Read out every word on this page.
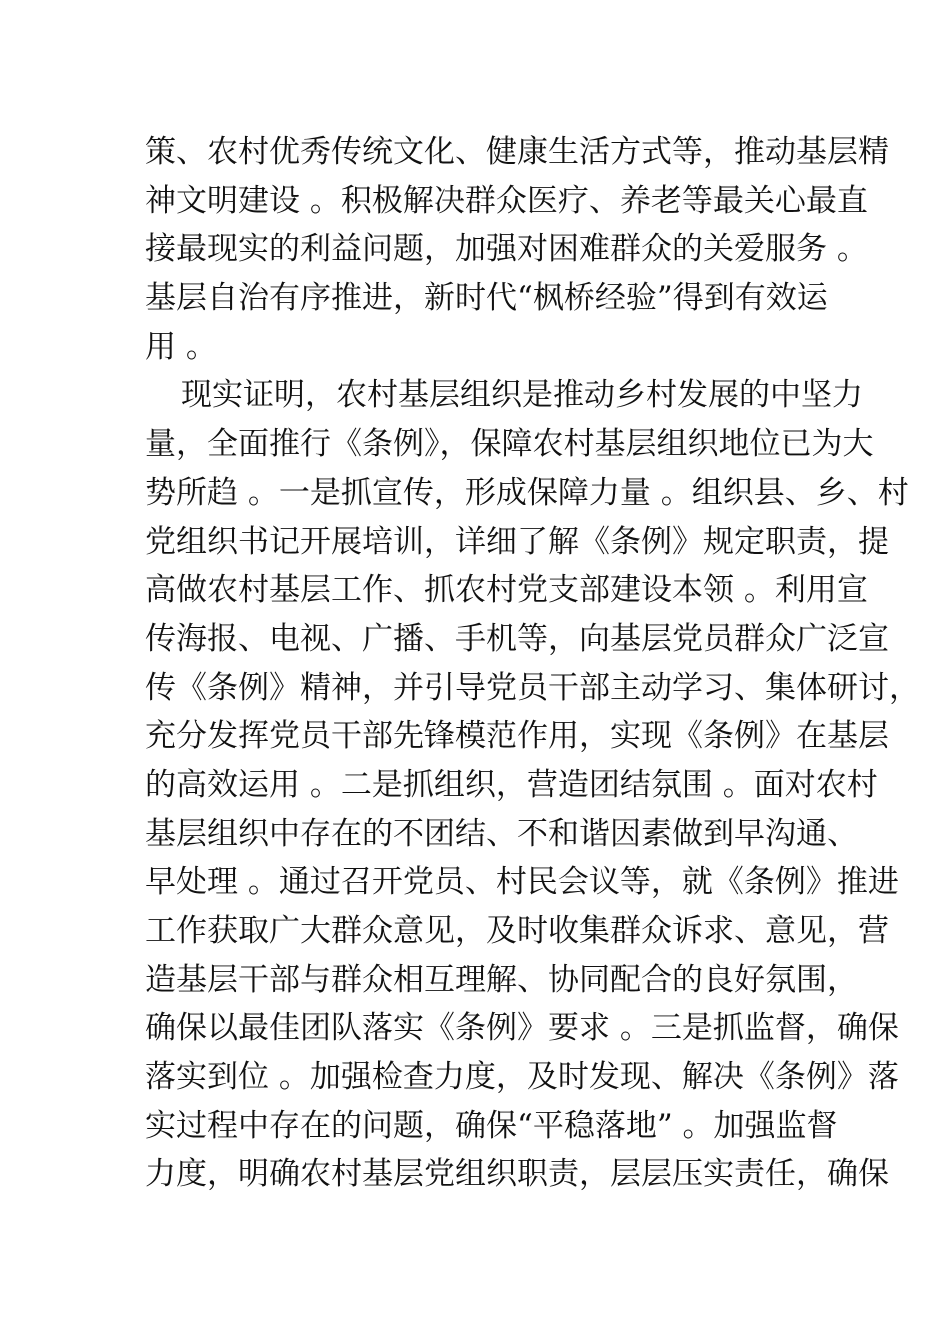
策、农村优秀传统文化、健康生活方式等，推动基层精
神文明建设 。积极解决群众医疗、养老等最关心最直
接最现实的利益问题，加强对困难群众的关爱服务 。
基层自治有序推进，新时代“枫桥经验”得到有效运
用 。
现实证明，农村基层组织是推动乡村发展的中坚力
量，全面推行《条例》，保障农村基层组织地位已为大
势所趋 。一是抓宣传，形成保障力量 。组织县、乡、村
党组织书记开展培训，详细了解《条例》规定职责，提
高做农村基层工作、抓农村党支部建设本领 。利用宣
传海报、电视、广播、手机等，向基层党员群众广泛宣
传《条例》精神，并引导党员干部主动学习、集体研讨，
充分发挥党员干部先锋模范作用，实现《条例》在基层
的高效运用 。二是抓组织，营造团结氛围 。面对农村
基层组织中存在的不团结、不和谐因素做到早沟通、
早处理 。通过召开党员、村民会议等，就《条例》推进
工作获取广大群众意见，及时收集群众诉求、意见，营
造基层干部与群众相互理解、协同配合的良好氛围，
确保以最佳团队落实《条例》要求 。三是抓监督，确保
落实到位 。加强检查力度，及时发现、解决《条例》落
实过程中存在的问题，确保“平稳落地” 。加强监督
力度，明确农村基层党组织职责，层层压实责任，确保
